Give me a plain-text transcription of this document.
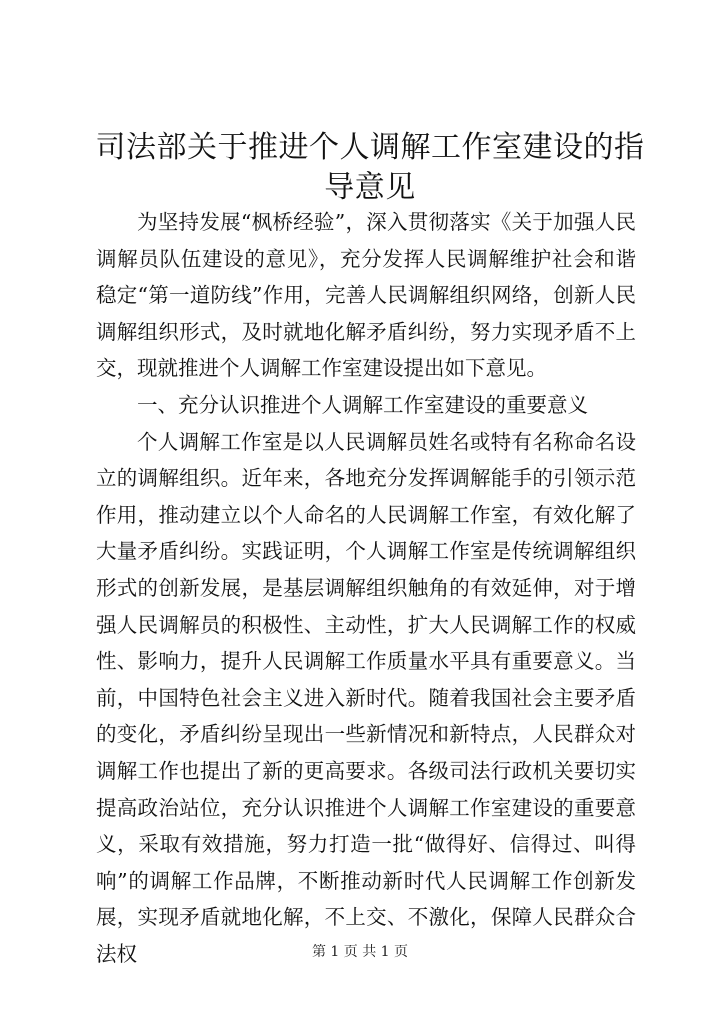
司法部关于推进个人调解工作室建设的指导意见

为坚持发展“枫桥经验”，深入贯彻落实《关于加强人民调解员队伍建设的意见》，充分发挥人民调解维护社会和谐稳定“第一道防线”作用，完善人民调解组织网络，创新人民调解组织形式，及时就地化解矛盾纠纷，努力实现矛盾不上交，现就推进个人调解工作室建设提出如下意见。

一、充分认识推进个人调解工作室建设的重要意义

个人调解工作室是以人民调解员姓名或特有名称命名设立的调解组织。近年来，各地充分发挥调解能手的引领示范作用，推动建立以个人命名的人民调解工作室，有效化解了大量矛盾纠纷。实践证明，个人调解工作室是传统调解组织形式的创新发展，是基层调解组织触角的有效延伸，对于增强人民调解员的积极性、主动性，扩大人民调解工作的权威性、影响力，提升人民调解工作质量水平具有重要意义。当前，中国特色社会主义进入新时代。随着我国社会主要矛盾的变化，矛盾纠纷呈现出一些新情况和新特点，人民群众对调解工作也提出了新的更高要求。各级司法行政机关要切实提高政治站位，充分认识推进个人调解工作室建设的重要意义，采取有效措施，努力打造一批“做得好、信得过、叫得响”的调解工作品牌，不断推动新时代人民调解工作创新发展，实现矛盾就地化解，不上交、不激化，保障人民群众合法权	第 1 页 共 1 页
